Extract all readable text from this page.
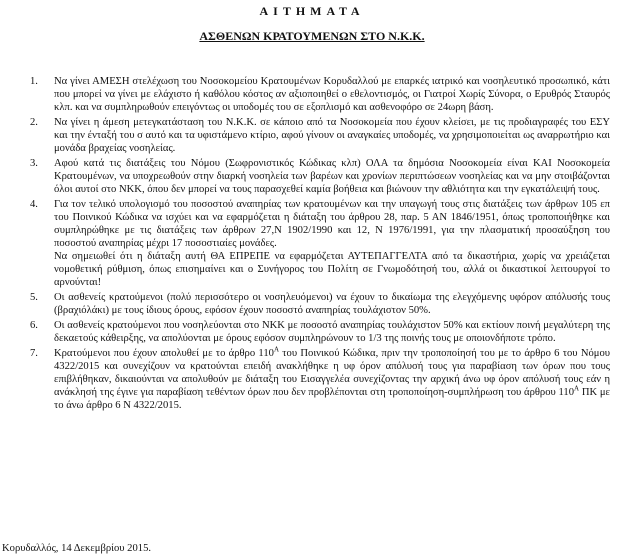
ΑΙΤΗΜΑΤΑ
ΑΣΘΕΝΩΝ ΚΡΑΤΟΥΜΕΝΩΝ ΣΤΟ Ν.Κ.Κ.
1. Να γίνει ΑΜΕΣΗ στελέχωση του Νοσοκομείου Κρατουμένων Κορυδαλλού με επαρκές ιατρικό και νοσηλευτικό προσωπικό, κάτι που μπορεί να γίνει με ελάχιστο ή καθόλου κόστος αν αξιοποιηθεί ο εθελοντισμός, οι Γιατροί Χωρίς Σύνορα, ο Ερυθρός Σταυρός κλπ. και να συμπληρωθούν επειγόντως οι υποδομές του σε εξοπλισμό και ασθενοφόρο σε 24ωρη βάση.
2. Να γίνει η άμεση μετεγκατάσταση του Ν.Κ.Κ. σε κάποιο από τα Νοσοκομεία που έχουν κλείσει, με τις προδιαγραφές του ΕΣΥ και την ένταξή του σ αυτό και τα υφιστάμενο κτίριο, αφού γίνουν οι αναγκαίες υποδομές, να χρησιμοποιείται ως αναρρωτήριο και μονάδα βραχείας νοσηλείας.
3. Αφού κατά τις διατάξεις του Νόμου (Σωφρονιστικός Κώδικας κλπ) ΟΛΑ τα δημόσια Νοσοκομεία είναι ΚΑΙ Νοσοκομεία Κρατουμένων, να υποχρεωθούν στην διαρκή νοσηλεία των βαρέων και χρονίων περιπτώσεων νοσηλείας και να μην στοιβάζονται όλοι αυτοί στο ΝΚΚ, όπου δεν μπορεί να τους παρασχεθεί καμία βοήθεια και βιώνουν την αθλιότητα και την εγκατάλειψή τους.
4. Για τον τελικό υπολογισμό του ποσοστού αναπηρίας των κρατουμένων και την υπαγωγή τους στις διατάξεις των άρθρων 105 επ του Ποινικού Κώδικα να ισχύει και να εφαρμόζεται η διάταξη του άρθρου 28, παρ. 5 ΑΝ 1846/1951, όπως τροποποιήθηκε και συμπληρώθηκε με τις διατάξεις των άρθρων 27,Ν 1902/1990 και 12, Ν 1976/1991, για την πλασματική προσαύξηση του ποσοστού αναπηρίας μέχρι 17 ποσοστιαίες μονάδες.
Να σημειωθεί ότι η διάταξη αυτή ΘΑ ΕΠΡΕΠΕ να εφαρμόζεται ΑΥΤΕΠΑΓΓΕΛΤΑ από τα δικαστήρια, χωρίς να χρειάζεται νομοθετική ρύθμιση, όπως επισημαίνει και ο Συνήγορος του Πολίτη σε Γνωμοδότησή του, αλλά οι δικαστικοί λειτουργοί το αρνούνται!
5. Οι ασθενείς κρατούμενοι (πολύ περισσότερο οι νοσηλευόμενοι) να έχουν το δικαίωμα της ελεγχόμενης υφόρον απόλυσής τους (βραχιόλάκι) με τους ίδιους όρους, εφόσον έχουν ποσοστό αναπηρίας τουλάχιστον 50%.
6. Οι ασθενείς κρατούμενοι που νοσηλεύονται στο ΝΚΚ με ποσοστό αναπηρίας τουλάχιστον 50% και εκτίουν ποινή μεγαλύτερη της δεκαετούς κάθειρξης, να απολύονται με όρους εφόσον συμπληρώνουν το 1/3 της ποινής τους με οποιονδήποτε τρόπο.
7. Κρατούμενοι που έχουν απολυθεί με το άρθρο $110^A$ του Ποινικού Κώδικα, πριν την τροποποίησή του με το άρθρο 6 του Νόμου 4322/2015 και συνεχίζουν να κρατούνται επειδή ανακλήθηκε η υφ όρον απόλυσή τους για παραβίαση των όρων που τους επιβλήθηκαν, δικαιούνται να απολυθούν με διάταξη του Εισαγγελέα συνεχίζοντας την αρχική άνω υφ όρον απόλυσή τους εάν η ανάκλησή της έγινε για παραβίαση τεθέντων όρων που δεν προβλέπονται στη τροποποίηση-συμπλήρωση του άρθρου $110^A$ ΠΚ με το άνω άρθρο 6 Ν 4322/2015.
Κορυδαλλός, 14 Δεκεμβρίου 2015.
